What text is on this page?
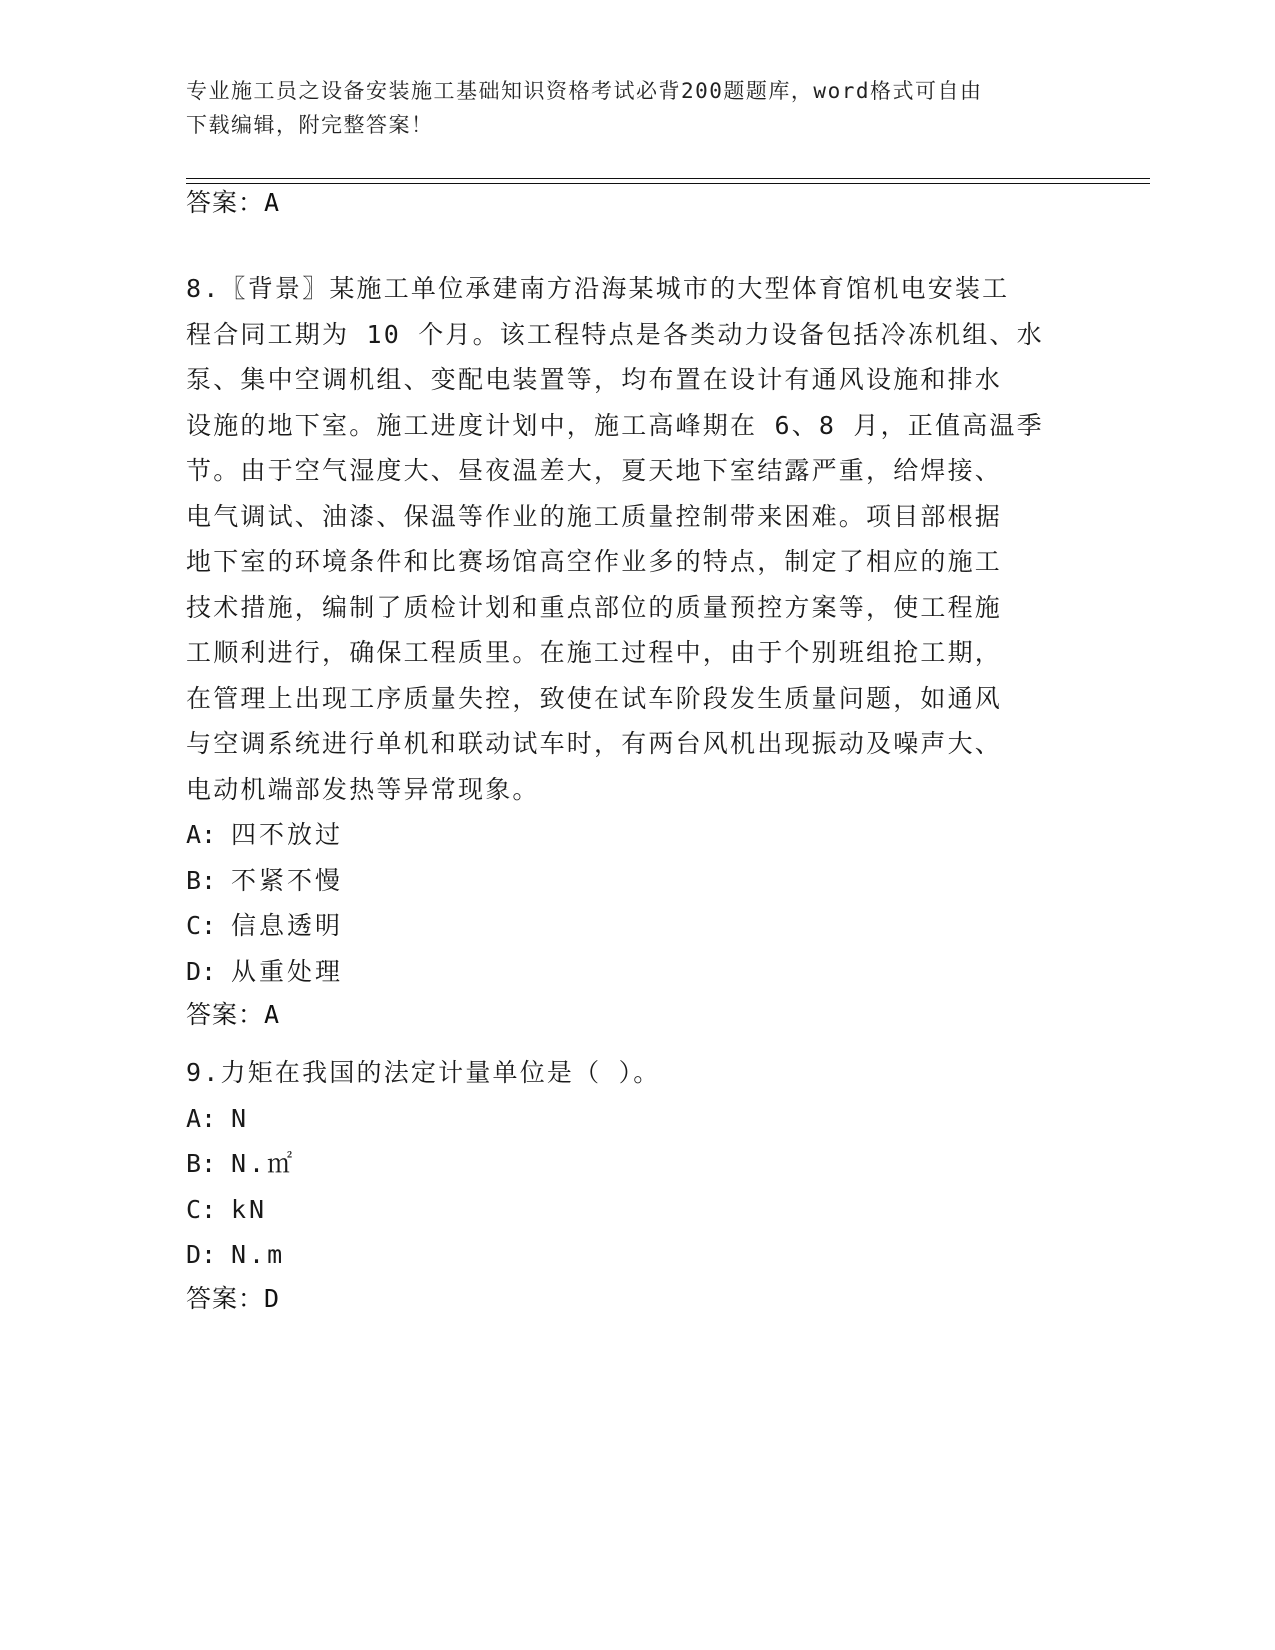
专业施工员之设备安装施工基础知识资格考试必背200题题库，word格式可自由
下载编辑，附完整答案！
答案：A
8.〖背景〗某施工单位承建南方沿海某城市的大型体育馆机电安装工
程合同工期为 10 个月。该工程特点是各类动力设备包括冷冻机组、水
泵、集中空调机组、变配电装置等，均布置在设计有通风设施和排水
设施的地下室。施工进度计划中，施工高峰期在 6、8 月，正值高温季
节。由于空气湿度大、昼夜温差大，夏天地下室结露严重，给焊接、
电气调试、油漆、保温等作业的施工质量控制带来困难。项目部根据
地下室的环境条件和比赛场馆高空作业多的特点，制定了相应的施工
技术措施，编制了质检计划和重点部位的质量预控方案等，使工程施
工顺利进行，确保工程质里。在施工过程中，由于个别班组抢工期，
在管理上出现工序质量失控，致使在试车阶段发生质量问题，如通风
与空调系统进行单机和联动试车时，有两台风机出现振动及噪声大、
电动机端部发热等异常现象。
A: 四不放过
B: 不紧不慢
C: 信息透明
D: 从重处理
答案：A
9.力矩在我国的法定计量单位是（ ）。
A: N
B: N.㎡
C: kN
D: N.m
答案：D
